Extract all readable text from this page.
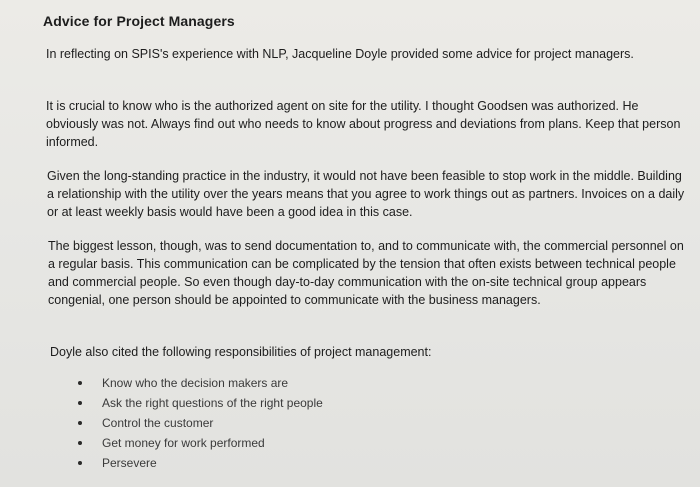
Advice for Project Managers
In reflecting on SPIS's experience with NLP, Jacqueline Doyle provided some advice for project managers.
It is crucial to know who is the authorized agent on site for the utility. I thought Goodsen was authorized. He obviously was not. Always find out who needs to know about progress and deviations from plans. Keep that person informed.
Given the long-standing practice in the industry, it would not have been feasible to stop work in the middle. Building a relationship with the utility over the years means that you agree to work things out as partners. Invoices on a daily or at least weekly basis would have been a good idea in this case.
The biggest lesson, though, was to send documentation to, and to communicate with, the commercial personnel on a regular basis. This communication can be complicated by the tension that often exists between technical people and commercial people. So even though day-to-day communication with the on-site technical group appears congenial, one person should be appointed to communicate with the business managers.
Doyle also cited the following responsibilities of project management:
Know who the decision makers are
Ask the right questions of the right people
Control the customer
Get money for work performed
Persevere
